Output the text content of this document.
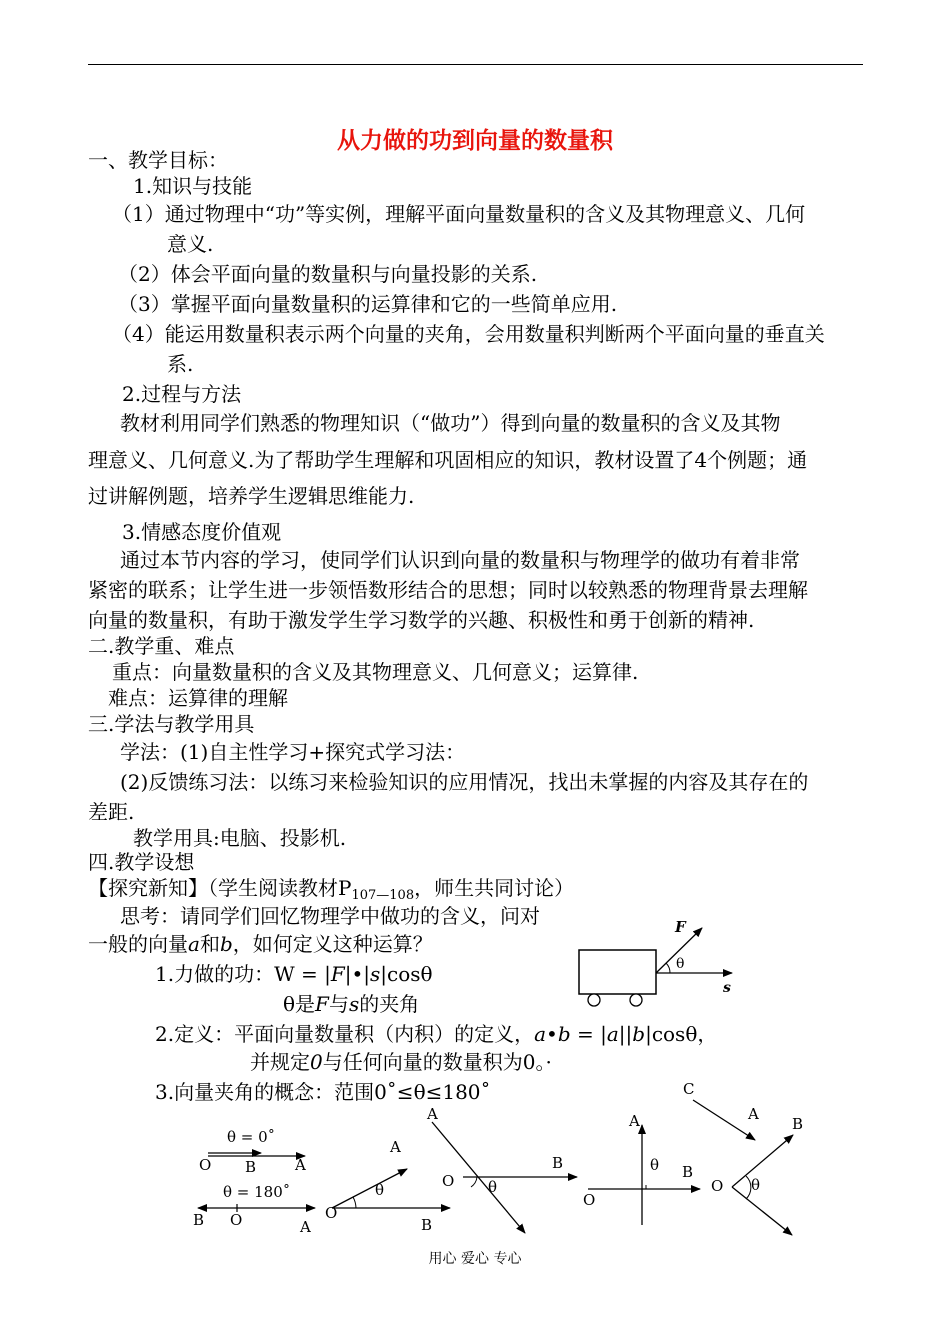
从力做的功到向量的数量积
一、教学目标：
1.知识与技能
（1）通过物理中“功”等实例，理解平面向量数量积的含义及其物理意义、几何
意义.
（2）体会平面向量的数量积与向量投影的关系.
（3）掌握平面向量数量积的运算律和它的一些简单应用.
（4）能运用数量积表示两个向量的夹角，会用数量积判断两个平面向量的垂直关
系.
2.过程与方法
教材利用同学们熟悉的物理知识（“做功”）得到向量的数量积的含义及其物
理意义、几何意义.为了帮助学生理解和巩固相应的知识，教材设置了4个例题；通
过讲解例题，培养学生逻辑思维能力.
3.情感态度价值观
通过本节内容的学习，使同学们认识到向量的数量积与物理学的做功有着非常
紧密的联系；让学生进一步领悟数形结合的思想；同时以较熟悉的物理背景去理解
向量的数量积，有助于激发学生学习数学的兴趣、积极性和勇于创新的精神.
二.教学重、难点
重点：向量数量积的含义及其物理意义、几何意义；运算律.
难点：运算律的理解
三.学法与教学用具
学法：(1)自主性学习+探究式学习法：
(2)反馈练习法：以练习来检验知识的应用情况，找出未掌握的内容及其存在的
差距.
教学用具:电脑、投影机.
四.教学设想
【探究新知】（学生阅读教材$P_{107—108}$，师生共同讨论）
思考：请同学们回忆物理学中做功的含义，问对
一般的向量a和b，如何定义这种运算？
1.力做的功：W = |F|•|s|cosθ
θ是F与s的夹角
2.定义：平面向量数量积（内积）的定义，a•b = |a||b|cosθ，
并规定0与任何向量的数量积为0。·
3.向量夹角的概念：范围0˚≤θ≤180˚
F
θ
s
θ = 0˚
O B	A
θ = 180˚
B O	A
O
A
θ
B
A
O θ
B
A
θ B
O
C
A
B
O θ
用心 爱心 专心
